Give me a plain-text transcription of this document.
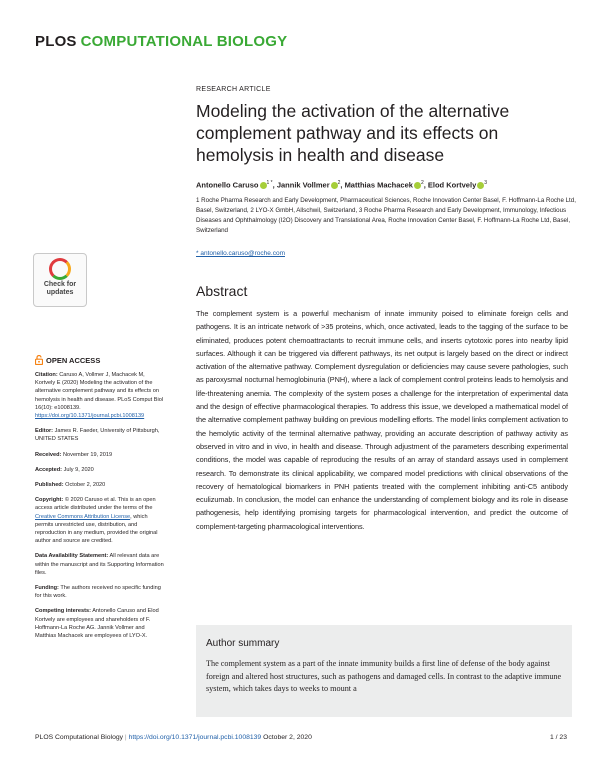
PLOS COMPUTATIONAL BIOLOGY
RESEARCH ARTICLE
Modeling the activation of the alternative complement pathway and its effects on hemolysis in health and disease
Antonello Caruso $^{1 *}$, Jannik Vollmer $^2$, Matthias Machacek $^2$, Elod Kortvely $^3$
1 Roche Pharma Research and Early Development, Pharmaceutical Sciences, Roche Innovation Center Basel, F. Hoffmann-La Roche Ltd, Basel, Switzerland, 2 LYO-X GmbH, Allschwil, Switzerland, 3 Roche Pharma Research and Early Development, Immunology, Infectious Diseases and Ophthalmology (I2O) Discovery and Translational Area, Roche Innovation Center Basel, F. Hoffmann-La Roche Ltd, Basel, Switzerland
* antonello.caruso@roche.com
Check for
updates
OPEN ACCESS

Citation: Caruso A, Vollmer J, Machacek M, Kortvely E (2020) Modeling the activation of the alternative complement pathway and its effects on hemolysis in health and disease. PLoS Comput Biol 16(10): e1008139. https://doi.org/10.1371/journal.pcbi.1008139

Editor: James R. Faeder, University of Pittsburgh, UNITED STATES

Received: November 19, 2019

Accepted: July 9, 2020

Published: October 2, 2020

Copyright: © 2020 Caruso et al. This is an open access article distributed under the terms of the Creative Commons Attribution License, which permits unrestricted use, distribution, and reproduction in any medium, provided the original author and source are credited.

Data Availability Statement: All relevant data are within the manuscript and its Supporting Information files.

Funding: The authors received no specific funding for this work.

Competing interests: Antonello Caruso and Elod Kortvely are employees and shareholders of F. Hoffmann-La Roche AG. Jannik Vollmer and Matthias Machacek are employees of LYO-X.

Abstract
The complement system is a powerful mechanism of innate immunity poised to eliminate foreign cells and pathogens. It is an intricate network of >35 proteins, which, once activated, leads to the tagging of the surface to be eliminated, produces potent chemoattractants to recruit immune cells, and inserts cytotoxic pores into nearby lipid surfaces. Although it can be triggered via different pathways, its net output is largely based on the direct or indirect activation of the alternative pathway. Complement dysregulation or deficiencies may cause severe pathologies, such as paroxysmal nocturnal hemoglobinuria (PNH), where a lack of complement control proteins leads to hemolysis and life-threatening anemia. The complexity of the system poses a challenge for the interpretation of experimental data and the design of effective pharmacological therapies. To address this issue, we developed a mathematical model of the alternative complement pathway building on previous modelling efforts. The model links complement activation to the hemolytic activity of the terminal alternative pathway, providing an accurate description of pathway activity as observed in vitro and in vivo, in health and disease. Through adjustment of the parameters describing experimental conditions, the model was capable of reproducing the results of an array of standard assays used in complement research. To demonstrate its clinical applicability, we compared model predictions with clinical observations of the recovery of hematological biomarkers in PNH patients treated with the complement inhibiting anti-C5 antibody eculizumab. In conclusion, the model can enhance the understanding of complement biology and its role in disease pathogenesis, help identifying promising targets for pharmacological intervention, and predict the outcome of complement-targeting pharmacological interventions.
Author summary
The complement system as a part of the innate immunity builds a first line of defense of the body against foreign and altered host structures, such as pathogens and damaged cells. In contrast to the adaptive immune system, which takes days to weeks to mount a
PLOS Computational Biology | https://doi.org/10.1371/journal.pcbi.1008139 October 2, 2020	1 / 23
